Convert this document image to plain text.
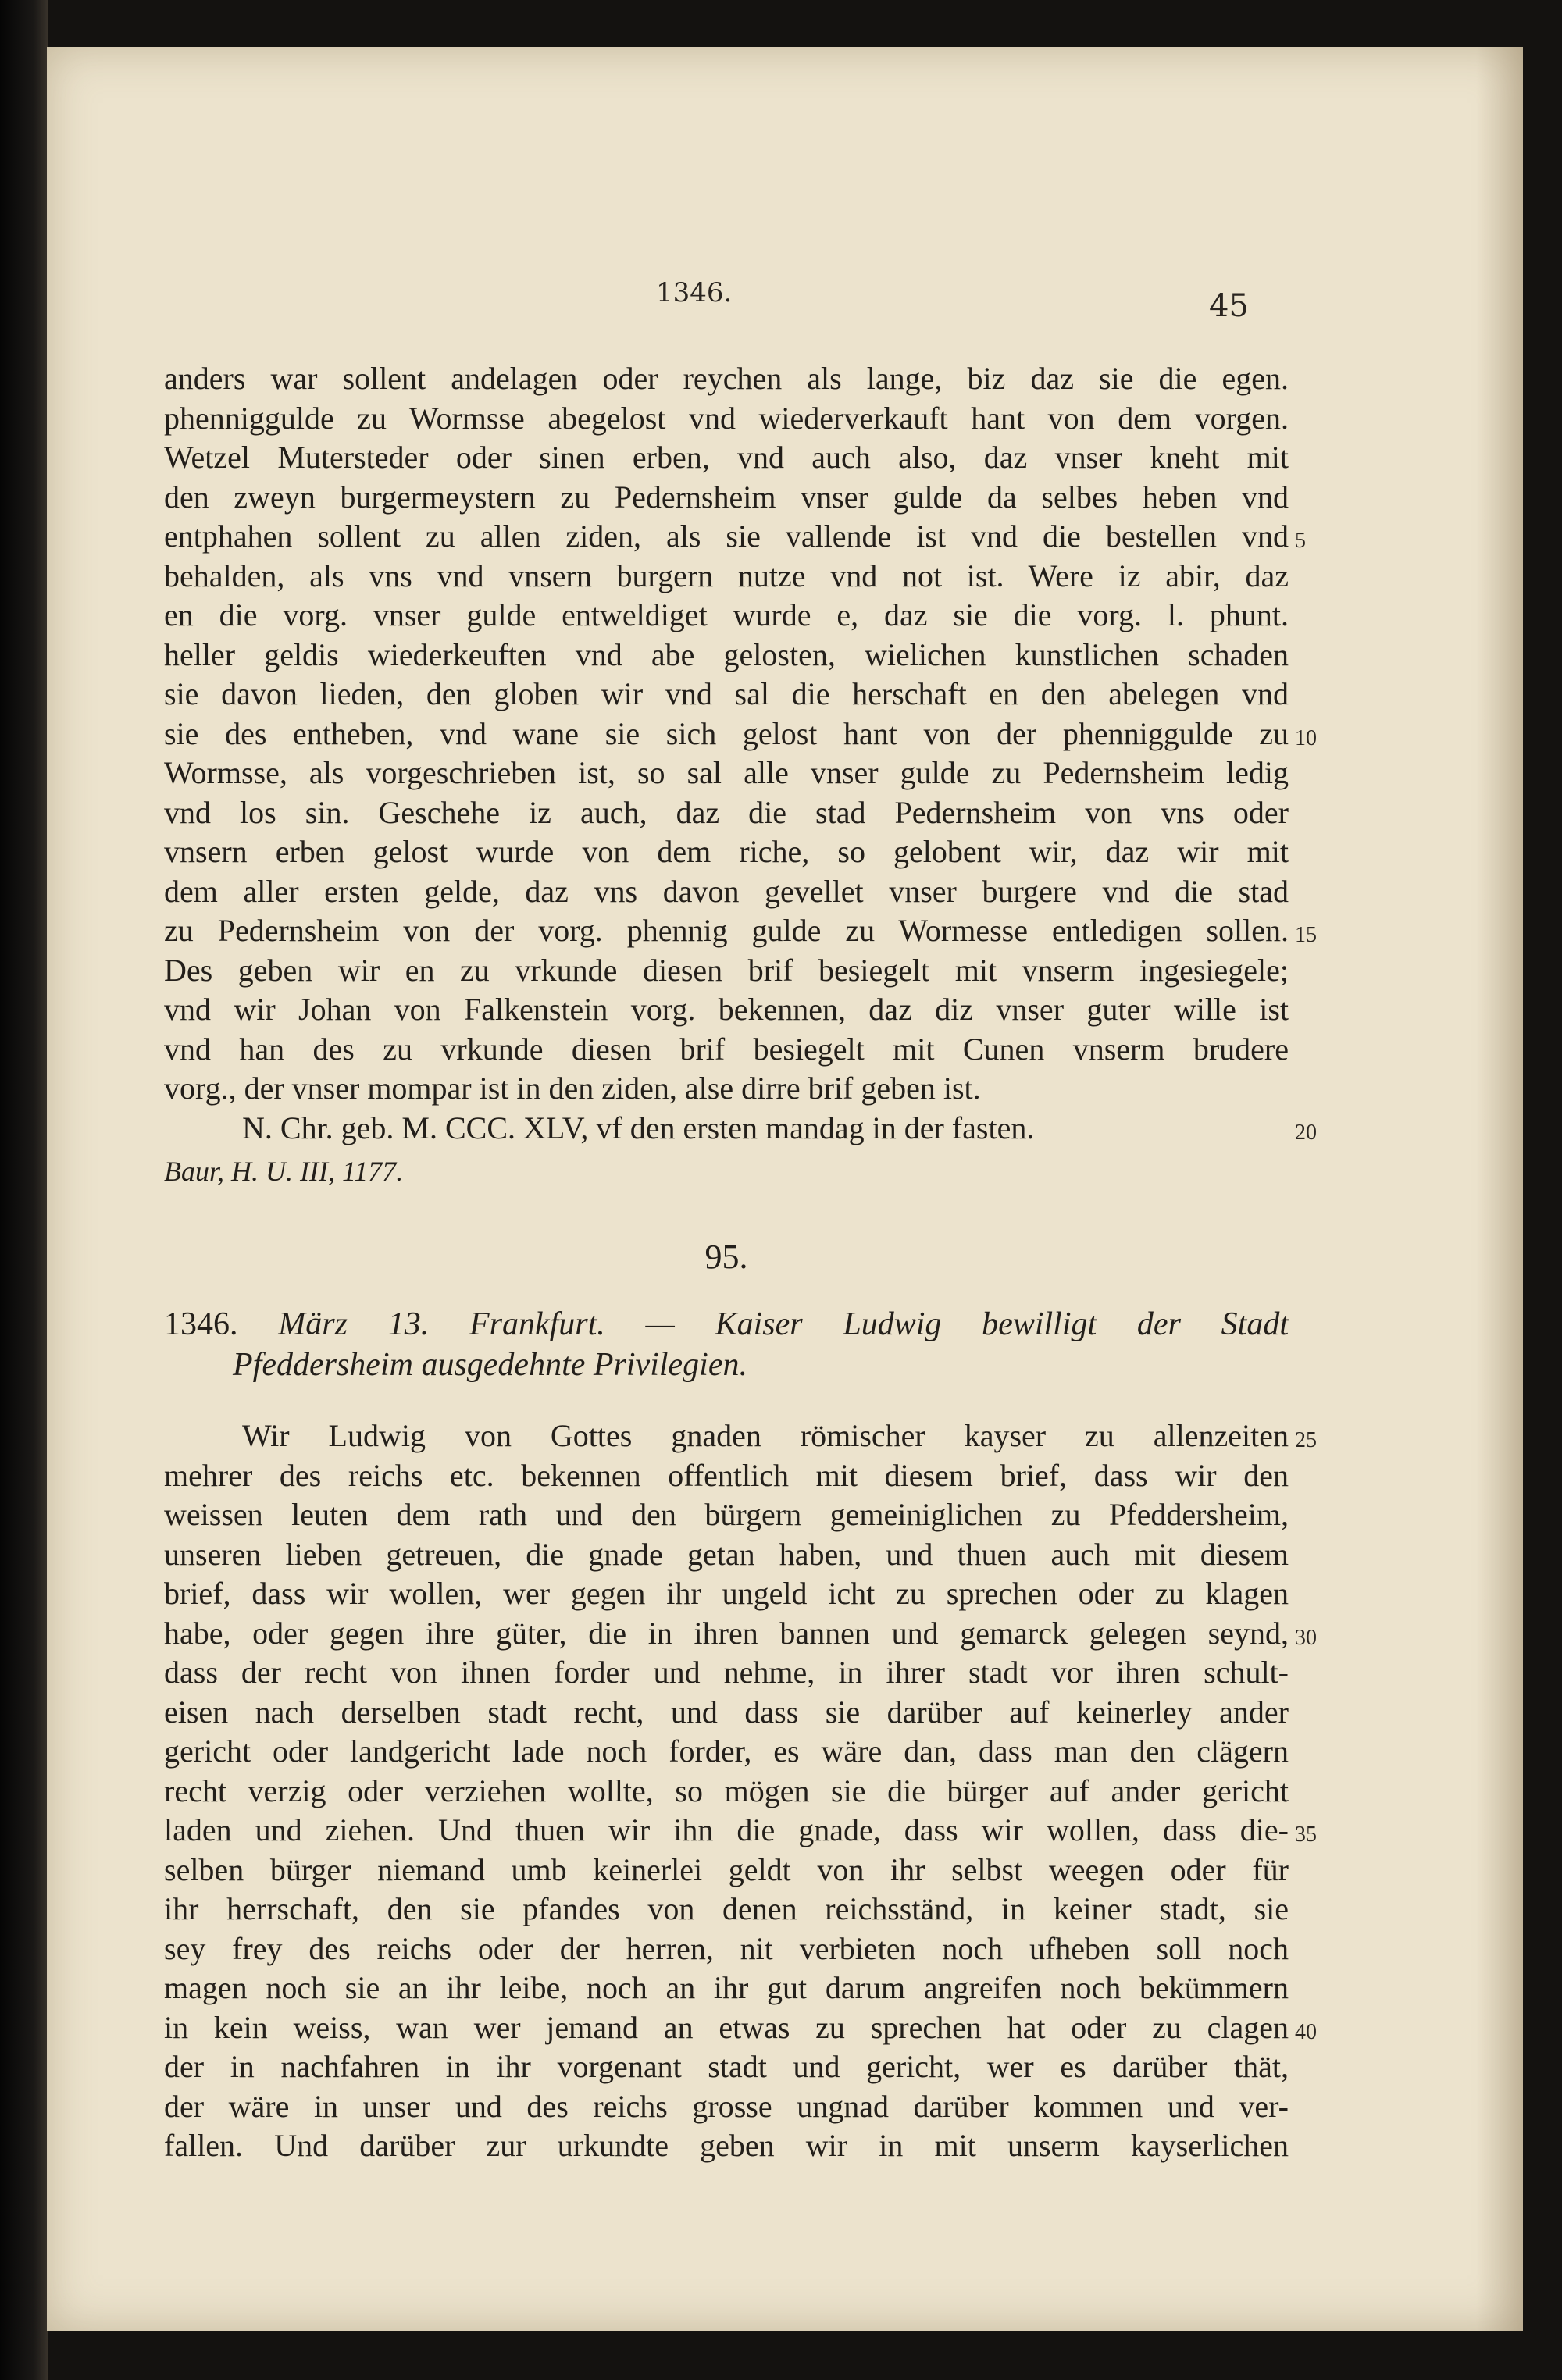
1346.	45
anders war sollent andelagen oder reychen als lange, biz daz sie die egen.
phenniggulde zu Wormsse abegelost vnd wiederverkauft hant von dem vorgen.
Wetzel Mutersteder oder sinen erben, vnd auch also, daz vnser kneht mit
den zweyn burgermeystern zu Pedernsheim vnser gulde da selbes heben vnd
entphahen sollent zu allen ziden, als sie vallende ist vnd die bestellen vnd 5
behalden, als vns vnd vnsern burgern nutze vnd not ist. Were iz abir, daz
en die vorg. vnser gulde entweldiget wurde e, daz sie die vorg. l. phunt.
heller geldis wiederkeuften vnd abe gelosten, wielichen kunstlichen schaden
sie davon lieden, den globen wir vnd sal die herschaft en den abelegen vnd
sie des entheben, vnd wane sie sich gelost hant von der phenniggulde zu 10
Wormsse, als vorgeschrieben ist, so sal alle vnser gulde zu Pedernsheim ledig
vnd los sin. Geschehe iz auch, daz die stad Pedernsheim von vns oder
vnsern erben gelost wurde von dem riche, so gelobent wir, daz wir mit
dem aller ersten gelde, daz vns davon gevellet vnser burgere vnd die stad
zu Pedernsheim von der vorg. phennig gulde zu Wormesse entledigen sollen. 15
Des geben wir en zu vrkunde diesen brif besiegelt mit vnserm ingesiegele;
vnd wir Johan von Falkenstein vorg. bekennen, daz diz vnser guter wille ist
vnd han des zu vrkunde diesen brif besiegelt mit Cunen vnserm brudere
vorg., der vnser mompar ist in den ziden, alse dirre brif geben ist.
N. Chr. geb. M. CCC. XLV, vf den ersten mandag in der fasten.	20
Baur, H. U. III, 1177.
95.
1346. März 13. Frankfurt. — Kaiser Ludwig bewilligt der Stadt
Pfeddersheim ausgedehnte Privilegien.
Wir Ludwig von Gottes gnaden römischer kayser zu allenzeiten 25
mehrer des reichs etc. bekennen offentlich mit diesem brief, dass wir den
weissen leuten dem rath und den bürgern gemeiniglichen zu Pfeddersheim,
unseren lieben getreuen, die gnade getan haben, und thuen auch mit diesem
brief, dass wir wollen, wer gegen ihr ungeld icht zu sprechen oder zu klagen
habe, oder gegen ihre güter, die in ihren bannen und gemarck gelegen seynd, 30
dass der recht von ihnen forder und nehme, in ihrer stadt vor ihren schult-
eisen nach derselben stadt recht, und dass sie darüber auf keinerley ander
gericht oder landgericht lade noch forder, es wäre dan, dass man den clägern
recht verzig oder verziehen wollte, so mögen sie die bürger auf ander gericht
laden und ziehen. Und thuen wir ihn die gnade, dass wir wollen, dass die- 35
selben bürger niemand umb keinerlei geldt von ihr selbst weegen oder für
ihr herrschaft, den sie pfandes von denen reichsständ, in keiner stadt, sie
sey frey des reichs oder der herren, nit verbieten noch ufheben soll noch
magen noch sie an ihr leibe, noch an ihr gut darum angreifen noch bekümmern
in kein weiss, wan wer jemand an etwas zu sprechen hat oder zu clagen 40
der in nachfahren in ihr vorgenant stadt und gericht, wer es darüber thät,
der wäre in unser und des reichs grosse ungnad darüber kommen und ver-
fallen. Und darüber zur urkundte geben wir in mit unserm kayserlichen
